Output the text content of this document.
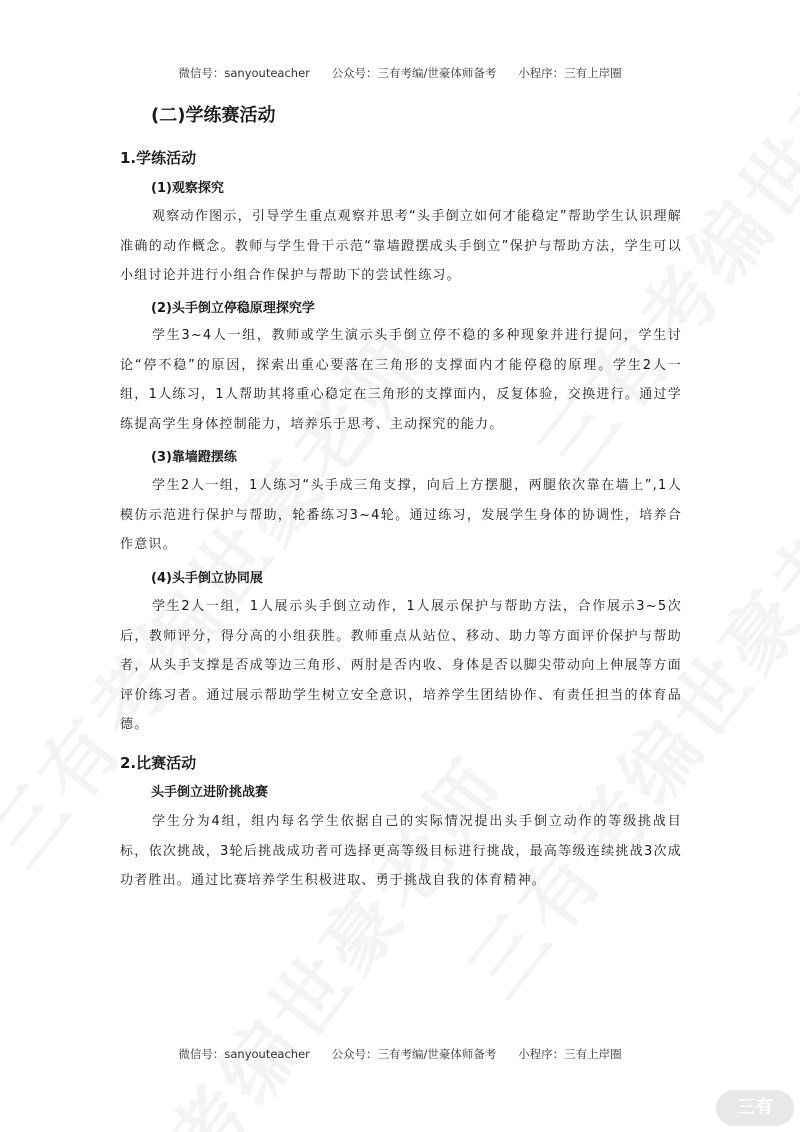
微信号：sanyouteacher 公众号：三有考编/世豪体师备考 小程序：三有上岸圈
(二)学练赛活动
1.学练活动
(1)观察探究
观察动作图示，引导学生重点观察并思考“头手倒立如何才能稳定”帮助学生认识理解准确的动作概念。教师与学生骨干示范“靠墙蹬摆成头手倒立”保护与帮助方法，学生可以小组讨论并进行小组合作保护与帮助下的尝试性练习。
(2)头手倒立停稳原理探究学
学生3~4人一组，教师或学生演示头手倒立停不稳的多种现象并进行提问，学生讨论“停不稳”的原因，探索出重心要落在三角形的支撑面内才能停稳的原理。学生2人一组，1人练习，1人帮助其将重心稳定在三角形的支撑面内，反复体验，交换进行。通过学练提高学生身体控制能力，培养乐于思考、主动探究的能力。
(3)靠墙蹬摆练
学生2人一组，1人练习“头手成三角支撑，向后上方摆腿，两腿依次靠在墙上”,1人模仿示范进行保护与帮助，轮番练习3~4轮。通过练习，发展学生身体的协调性，培养合作意识。
(4)头手倒立协同展
学生2人一组，1人展示头手倒立动作，1人展示保护与帮助方法，合作展示3~5次后，教师评分，得分高的小组获胜。教师重点从站位、移动、助力等方面评价保护与帮助者，从头手支撑是否成等边三角形、两肘是否内收、身体是否以脚尖带动向上伸展等方面评价练习者。通过展示帮助学生树立安全意识，培养学生团结协作、有责任担当的体育品德。
2.比赛活动
头手倒立进阶挑战赛
学生分为4组，组内每名学生依据自己的实际情况提出头手倒立动作的等级挑战目标，依次挑战，3轮后挑战成功者可选择更高等级目标进行挑战，最高等级连续挑战3次成功者胜出。通过比赛培养学生积极进取、勇于挑战自我的体育精神。
微信号：sanyouteacher 公众号：三有考编/世豪体师备考 小程序：三有上岸圈
三有
